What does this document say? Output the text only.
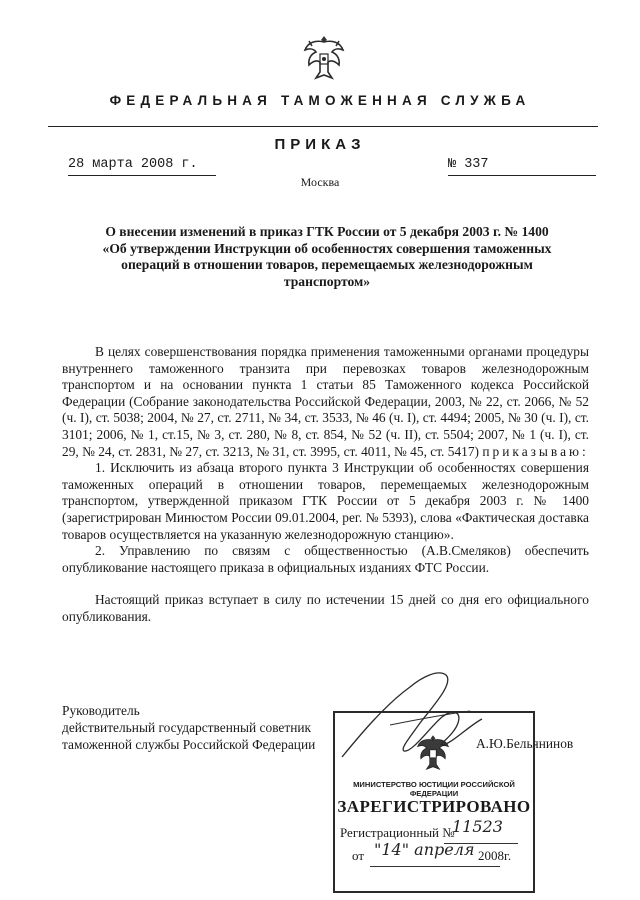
ФЕДЕРАЛЬНАЯ ТАМОЖЕННАЯ СЛУЖБА
ПРИКАЗ
28 марта 2008 г.	№ 337
Москва
О внесении изменений в приказ ГТК России от 5 декабря 2003 г. № 1400
«Об утверждении Инструкции об особенностях совершения таможенных
операций в отношении товаров, перемещаемых железнодорожным
транспортом»

В целях совершенствования порядка применения таможенными органами процедуры внутреннего таможенного транзита при перевозках товаров железнодорожным транспортом и на основании пункта 1 статьи 85 Таможенного кодекса Российской Федерации (Собрание законодательства Российской Федерации, 2003, № 22, ст. 2066, № 52 (ч. I), ст. 5038; 2004, № 27, ст. 2711, № 34, ст. 3533, № 46 (ч. I), ст. 4494; 2005, № 30 (ч. I), ст. 3101; 2006, № 1, ст.15, № 3, ст. 280, № 8, ст. 854, № 52 (ч. II), ст. 5504; 2007, № 1 (ч. I), ст. 29, № 24, ст. 2831, № 27, ст. 3213, № 31, ст. 3995, ст. 4011, № 45, ст. 5417) приказываю:

1. Исключить из абзаца второго пункта 3 Инструкции об особенностях совершения таможенных операций в отношении товаров, перемещаемых железнодорожным транспортом, утвержденной приказом ГТК России от 5 декабря 2003 г. № 1400 (зарегистрирован Минюстом России 09.01.2004, рег. № 5393), слова «Фактическая доставка товаров осуществляется на указанную железнодорожную станцию».

2. Управлению по связям с общественностью (А.В.Смеляков) обеспечить опубликование настоящего приказа в официальных изданиях ФТС России.

Настоящий приказ вступает в силу по истечении 15 дней со дня его официального опубликования.

Руководитель
действительный государственный советник
таможенной службы Российской Федерации	А.Ю.Бельянинов
МИНИСТЕРСТВО ЮСТИЦИИ РОССИЙСКОЙ ФЕДЕРАЦИИ
ЗАРЕГИСТРИРОВАНО
Регистрационный №
11523
от "14" апреля 2008г.
